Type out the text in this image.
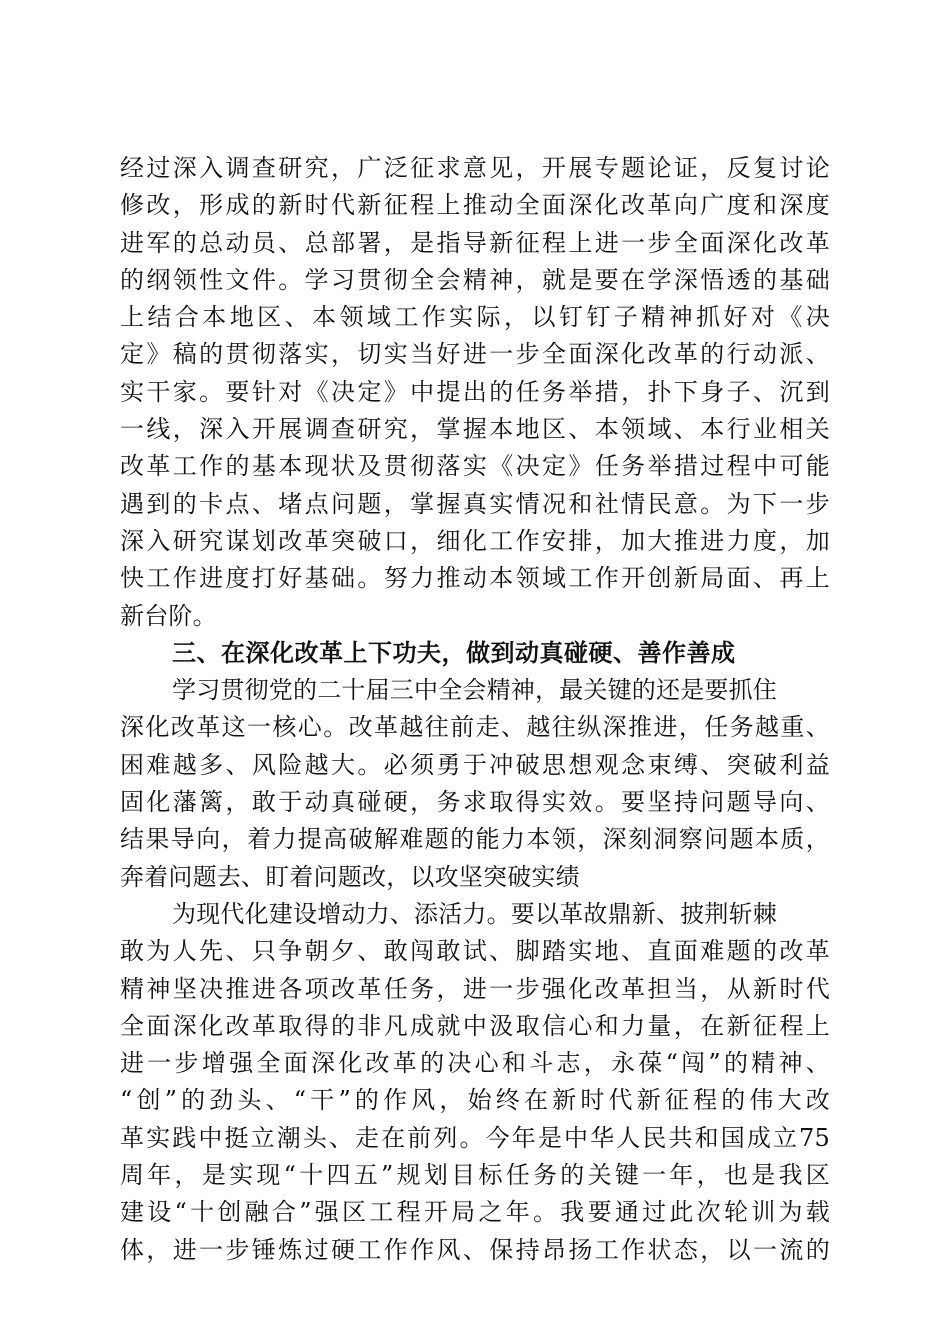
经过深入调查研究，广泛征求意见，开展专题论证，反复讨论
修改，形成的新时代新征程上推动全面深化改革向广度和深度
进军的总动员、总部署，是指导新征程上进一步全面深化改革
的纲领性文件。学习贯彻全会精神，就是要在学深悟透的基础
上结合本地区、本领域工作实际，以钉钉子精神抓好对《决
定》稿的贯彻落实，切实当好进一步全面深化改革的行动派、
实干家。要针对《决定》中提出的任务举措，扑下身子、沉到
一线，深入开展调查研究，掌握本地区、本领域、本行业相关
改革工作的基本现状及贯彻落实《决定》任务举措过程中可能
遇到的卡点、堵点问题，掌握真实情况和社情民意。为下一步
深入研究谋划改革突破口，细化工作安排，加大推进力度，加
快工作进度打好基础。努力推动本领域工作开创新局面、再上
新台阶。
三、在深化改革上下功夫，做到动真碰硬、善作善成
学习贯彻党的二十届三中全会精神，最关键的还是要抓住
深化改革这一核心。改革越往前走、越往纵深推进，任务越重、
困难越多、风险越大。必须勇于冲破思想观念束缚、突破利益
固化藩篱，敢于动真碰硬，务求取得实效。要坚持问题导向、
结果导向，着力提高破解难题的能力本领，深刻洞察问题本质，
奔着问题去、盯着问题改，以攻坚突破实绩
为现代化建设增动力、添活力。要以革故鼎新、披荆斩棘
敢为人先、只争朝夕、敢闯敢试、脚踏实地、直面难题的改革
精神坚决推进各项改革任务，进一步强化改革担当，从新时代
全面深化改革取得的非凡成就中汲取信心和力量，在新征程上
进一步增强全面深化改革的决心和斗志，永葆“闯”的精神、
“创”的劲头、“干”的作风，始终在新时代新征程的伟大改
革实践中挺立潮头、走在前列。今年是中华人民共和国成立75
周年，是实现“十四五”规划目标任务的关键一年，也是我区
建设“十创融合”强区工程开局之年。我要通过此次轮训为载
体，进一步锤炼过硬工作作风、保持昂扬工作状态，以一流的
